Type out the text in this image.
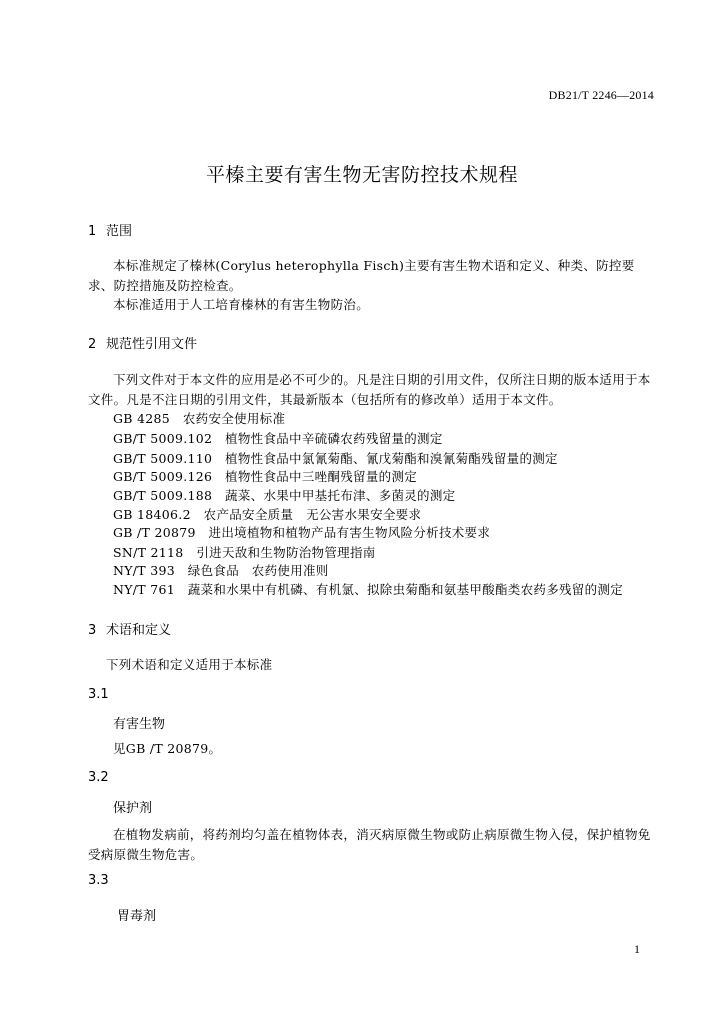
DB21/T 2246—2014
平榛主要有害生物无害防控技术规程
1 范围
本标准规定了榛林(Corylus heterophylla Fisch)主要有害生物术语和定义、种类、防控要求、防控措施及防控检查。
本标准适用于人工培育榛林的有害生物防治。
2 规范性引用文件
下列文件对于本文件的应用是必不可少的。凡是注日期的引用文件，仅所注日期的版本适用于本文件。凡是不注日期的引用文件，其最新版本（包括所有的修改单）适用于本文件。
GB 4285   农药安全使用标准
GB/T 5009.102   植物性食品中辛硫磷农药残留量的测定
GB/T 5009.110   植物性食品中氯氰菊酯、氰戊菊酯和溴氰菊酯残留量的测定
GB/T 5009.126   植物性食品中三唑酮残留量的测定
GB/T 5009.188   蔬菜、水果中甲基托布津、多菌灵的测定
GB 18406.2   农产品安全质量   无公害水果安全要求
GB /T 20879   进出境植物和植物产品有害生物风险分析技术要求
SN/T 2118   引进天敌和生物防治物管理指南
NY/T 393   绿色食品   农药使用准则
NY/T 761   蔬菜和水果中有机磷、有机氯、拟除虫菊酯和氨基甲酸酯类农药多残留的测定
3 术语和定义
下列术语和定义适用于本标准
3.1
有害生物
见GB /T 20879。
3.2
保护剂
在植物发病前，将药剂均匀盖在植物体表，消灭病原微生物或防止病原微生物入侵，保护植物免受病原微生物危害。
3.3
胃毒剂
1
